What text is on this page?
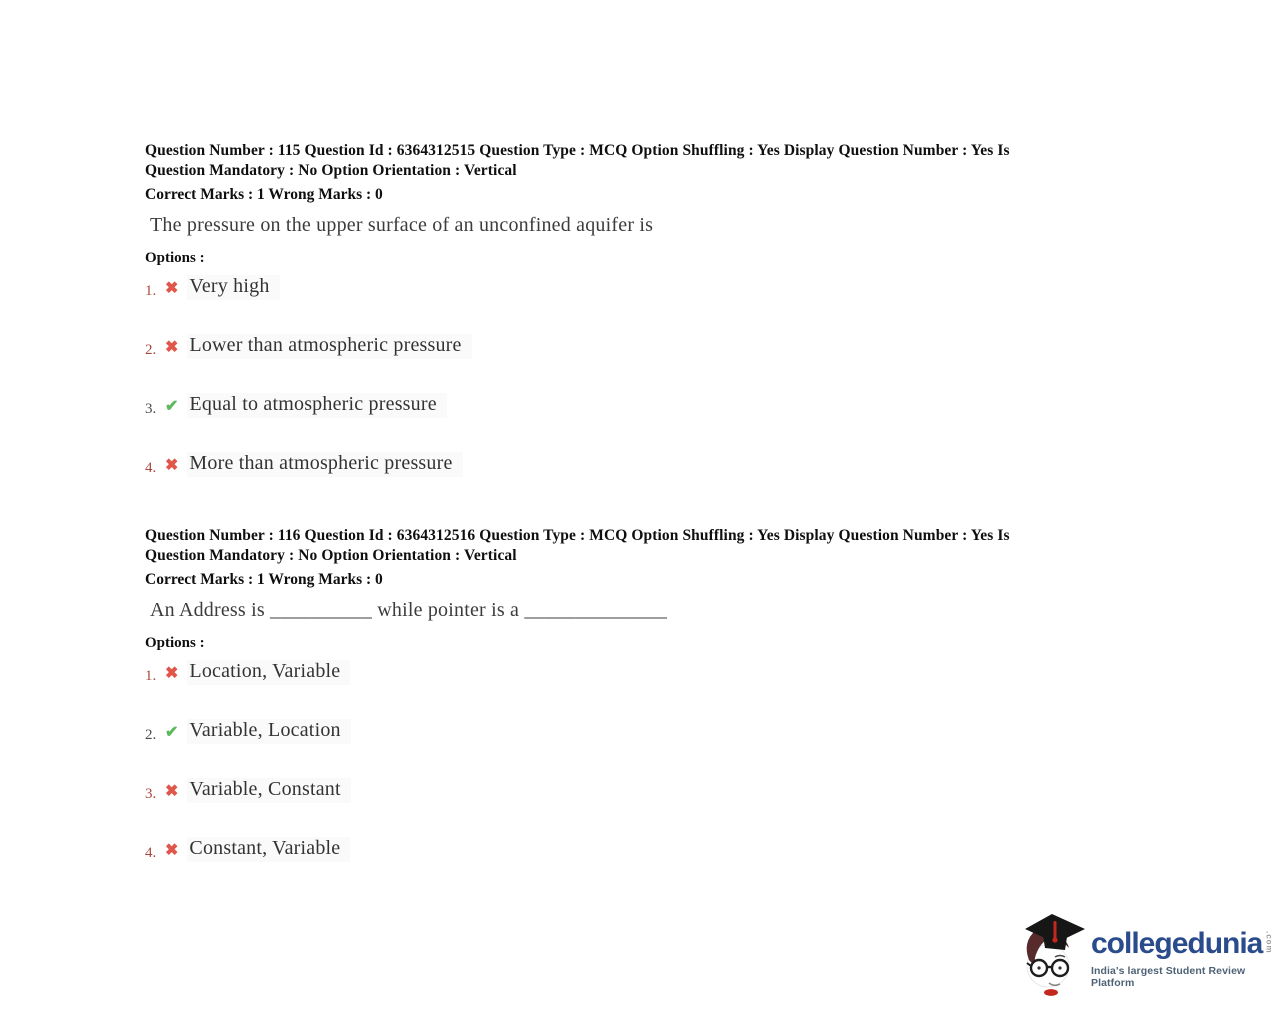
Question Number : 115 Question Id : 6364312515 Question Type : MCQ Option Shuffling : Yes Display Question Number : Yes Is
Question Mandatory : No Option Orientation : Vertical
Correct Marks : 1 Wrong Marks : 0
The pressure on the upper surface of an unconfined aquifer is
Options :
1. ✖ Very high
2. ✖ Lower than atmospheric pressure
3. ✔ Equal to atmospheric pressure
4. ✖ More than atmospheric pressure
Question Number : 116 Question Id : 6364312516 Question Type : MCQ Option Shuffling : Yes Display Question Number : Yes Is
Question Mandatory : No Option Orientation : Vertical
Correct Marks : 1 Wrong Marks : 0
An Address is __________ while pointer is a ______________
Options :
1. ✖ Location, Variable
2. ✔ Variable, Location
3. ✖ Variable, Constant
4. ✖ Constant, Variable
collegedunia .com
India's largest Student Review Platform
